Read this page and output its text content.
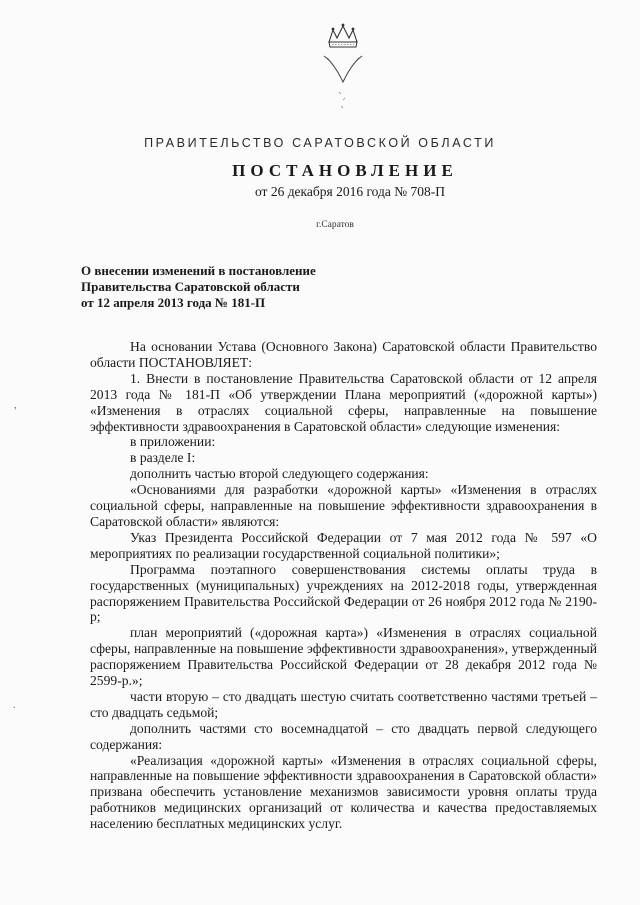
ПРАВИТЕЛЬСТВО САРАТОВСКОЙ ОБЛАСТИ
ПОСТАНОВЛЕНИЕ
от 26 декабря 2016 года № 708-П
г.Саратов
О внесении изменений в постановление
Правительства Саратовской области
от 12 апреля 2013 года № 181-П

На основании Устава (Основного Закона) Саратовской области Правительство области ПОСТАНОВЛЯЕТ:

1. Внести в постановление Правительства Саратовской области от 12 апреля 2013 года № 181-П «Об утверждении Плана мероприятий («дорожной карты») «Изменения в отраслях социальной сферы, направленные на повышение эффективности здравоохранения в Саратовской области» следующие изменения:

в приложении:

в разделе I:

дополнить частью второй следующего содержания:

«Основаниями для разработки «дорожной карты» «Изменения в отраслях социальной сферы, направленные на повышение эффективности здравоохранения в Саратовской области» являются:

Указ Президента Российской Федерации от 7 мая 2012 года № 597 «О мероприятиях по реализации государственной социальной политики»;

Программа поэтапного совершенствования системы оплаты труда в государственных (муниципальных) учреждениях на 2012-2018 годы, утвержденная распоряжением Правительства Российской Федерации от 26 ноября 2012 года № 2190-р;

план мероприятий («дорожная карта») «Изменения в отраслях социальной сферы, направленные на повышение эффективности здравоохранения», утвержденный распоряжением Правительства Российской Федерации от 28 декабря 2012 года № 2599-р.»;

части вторую – сто двадцать шестую считать соответственно частями третьей – сто двадцать седьмой;

дополнить частями сто восемнадцатой – сто двадцать первой следующего содержания:

«Реализация «дорожной карты» «Изменения в отраслях социальной сферы, направленные на повышение эффективности здравоохранения в Саратовской области» призвана обеспечить установление механизмов зависимости уровня оплаты труда работников медицинских организаций от количества и качества предоставляемых населению бесплатных медицинских услуг.

,
.
